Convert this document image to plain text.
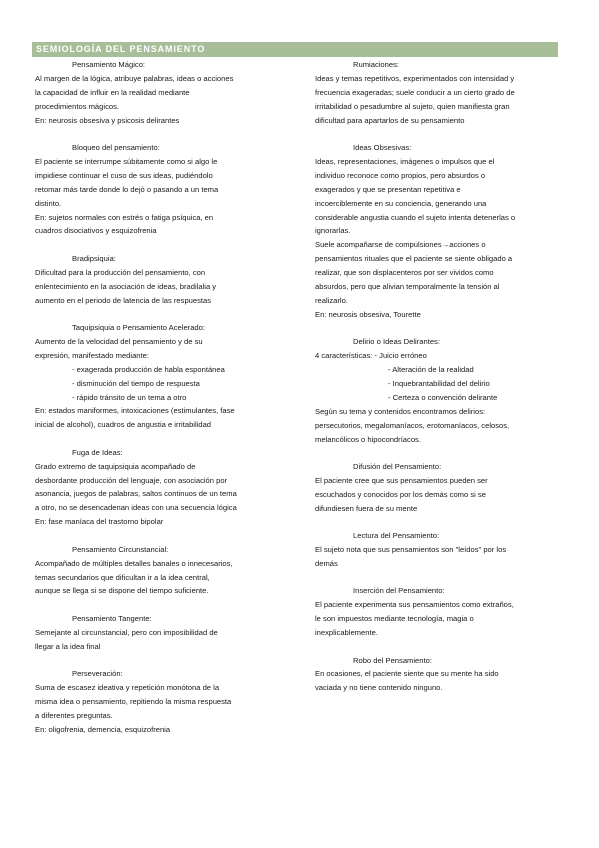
SEMIOLOGÍA DEL PENSAMIENTO
Pensamiento Mágico:
Al margen de la lógica, atribuye palabras, ideas o acciones
la capacidad de influir en la realidad mediante
procedimientos mágicos.
En: neurosis obsesiva y psicosis delirantes
Bloqueo del pensamiento:
El paciente se interrumpe súbitamente como si algo le
impidiese continuar el cuso de sus ideas, pudiéndolo
retomar más tarde donde lo dejó o pasando a un tema
distinto.
En: sujetos normales con estrés o fatiga psíquica, en
cuadros disociativos y esquizofrenia
Bradipsiquia:
Dificultad para la producción del pensamiento, con
enlentecimiento en la asociación de ideas, bradilalia y
aumento en el periodo de latencia de las respuestas
Taquipsiquia o Pensamiento Acelerado:
Aumento de la velocidad del pensamiento y de su
expresión, manifestado mediante:
- exagerada producción de habla espontánea
- disminución del tiempo de respuesta
- rápido tránsito de un tema a otro
En: estados maniformes, intoxicaciones (estimulantes, fase
inicial de alcohol), cuadros de angustia e irritabilidad
Fuga de Ideas:
Grado extremo de taquipsiquia acompañado de
desbordante producción del lenguaje, con asociación por
asonancia, juegos de palabras, saltos continuos de un tema
a otro, no se desencadenan ideas con una secuencia lógica
En: fase maníaca del trastorno bipolar
Pensamiento Circunstancial:
Acompañado de múltiples detalles banales o innecesarios,
temas secundarios que dificultan ir a la idea central,
aunque se llega si se dispone del tiempo suficiente.
Pensamiento Tangente:
Semejante al circunstancial, pero con imposibilidad de
llegar a la idea final
Perseveración:
Suma de escasez ideativa y repetición monótona de la
misma idea o pensamiento, repitiendo la misma respuesta
a diferentes preguntas.
En: oligofrenia, demencia, esquizofrenia
Rumiaciones:
Ideas y temas repetitivos, experimentados con intensidad y
frecuencia exageradas; suele conducir a un cierto grado de
irritabilidad o pesadumbre al sujeto, quien manifiesta gran
dificultad para apartarlos de su pensamiento
Ideas Obsesivas:
Ideas, representaciones, imágenes o impulsos que el
individuo reconoce como propios, pero absurdos o
exagerados y que se presentan repetitiva e
incoerciblemente en su conciencia, generando una
considerable angustia cuando el sujeto intenta detenerlas o
ignorarlas.
Suele acompañarse de compulsiones→acciones o
pensamientos rituales que el paciente se siente obligado a
realizar, que son displacenteros por ser vividos como
absurdos, pero que alivian temporalmente la tensión al
realizarlo.
En: neurosis obsesiva, Tourette
Delirio o Ideas Delirantes:
4 características: - Juicio erróneo
- Alteración de la realidad
- Inquebrantabilidad del delirio
- Certeza o convención delirante
Según su tema y contenidos encontramos delirios:
persecutorios, megalomaníacos, erotomaníacos, celosos,
melancólicos o hipocondríacos.
Difusión del Pensamiento:
El paciente cree que sus pensamientos pueden ser
escuchados y conocidos por los demás como si se
difundiesen fuera de su mente
Lectura del Pensamiento:
El sujeto nota que sus pensamientos son "leídos" por los
demás
Inserción del Pensamiento:
El paciente experimenta sus pensamientos como extraños,
le son impuestos mediante tecnología, magia o
inexplicablemente.
Robo del Pensamiento:
En ocasiones, el paciente siente que su mente ha sido
vaciada y no tiene contenido ninguno.
